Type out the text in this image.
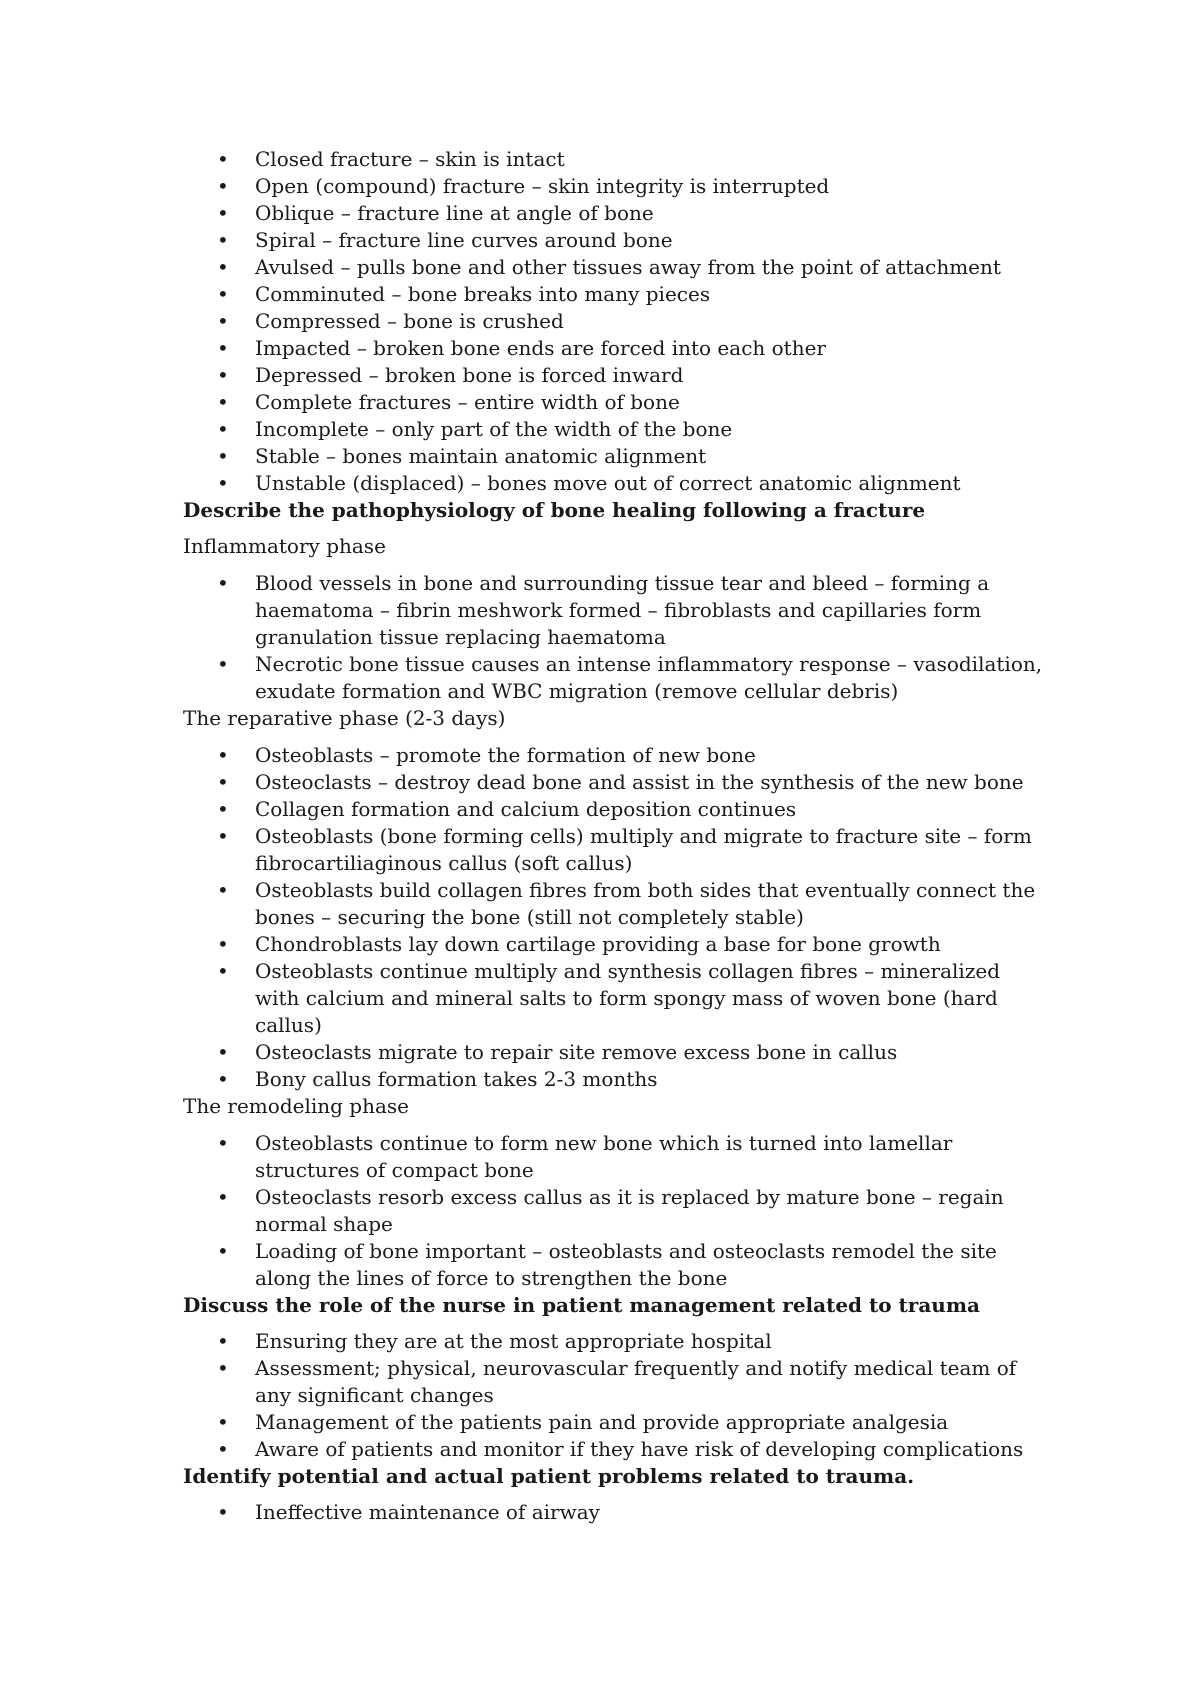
• Closed fracture – skin is intact
• Open (compound) fracture – skin integrity is interrupted
• Oblique – fracture line at angle of bone
• Spiral – fracture line curves around bone
• Avulsed – pulls bone and other tissues away from the point of attachment
• Comminuted – bone breaks into many pieces
• Compressed – bone is crushed
• Impacted – broken bone ends are forced into each other
• Depressed – broken bone is forced inward
• Complete fractures – entire width of bone
• Incomplete – only part of the width of the bone
• Stable – bones maintain anatomic alignment
• Unstable (displaced) – bones move out of correct anatomic alignment
Describe the pathophysiology of bone healing following a fracture
Inflammatory phase
• Blood vessels in bone and surrounding tissue tear and bleed – forming a haematoma – fibrin meshwork formed – fibroblasts and capillaries form granulation tissue replacing haematoma
• Necrotic bone tissue causes an intense inflammatory response – vasodilation, exudate formation and WBC migration (remove cellular debris)
The reparative phase (2-3 days)
• Osteoblasts – promote the formation of new bone
• Osteoclasts – destroy dead bone and assist in the synthesis of the new bone
• Collagen formation and calcium deposition continues
• Osteoblasts (bone forming cells) multiply and migrate to fracture site – form fibrocartiliaginous callus (soft callus)
• Osteoblasts build collagen fibres from both sides that eventually connect the bones – securing the bone (still not completely stable)
• Chondroblasts lay down cartilage providing a base for bone growth
• Osteoblasts continue multiply and synthesis collagen fibres – mineralized with calcium and mineral salts to form spongy mass of woven bone (hard callus)
• Osteoclasts migrate to repair site remove excess bone in callus
• Bony callus formation takes 2-3 months
The remodeling phase
• Osteoblasts continue to form new bone which is turned into lamellar structures of compact bone
• Osteoclasts resorb excess callus as it is replaced by mature bone – regain normal shape
• Loading of bone important – osteoblasts and osteoclasts remodel the site along the lines of force to strengthen the bone
Discuss the role of the nurse in patient management related to trauma
• Ensuring they are at the most appropriate hospital
• Assessment; physical, neurovascular frequently and notify medical team of any significant changes
• Management of the patients pain and provide appropriate analgesia
• Aware of patients and monitor if they have risk of developing complications
Identify potential and actual patient problems related to trauma.
• Ineffective maintenance of airway
